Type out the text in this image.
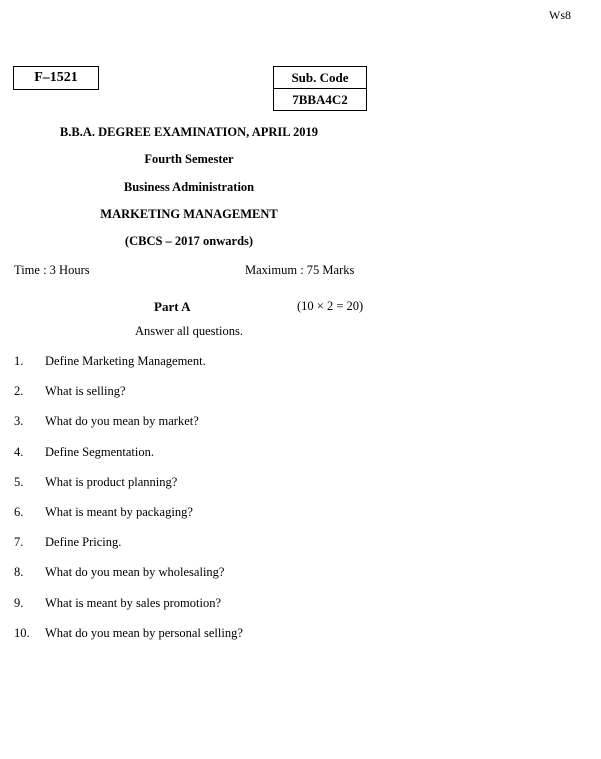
Ws8
F–1521	Sub. Code
7BBA4C2
B.B.A. DEGREE EXAMINATION, APRIL 2019
Fourth Semester
Business Administration
MARKETING MANAGEMENT
(CBCS – 2017 onwards)
Time : 3 Hours	Maximum : 75 Marks
Part A	(10 × 2 = 20)
Answer all questions.
1.	Define Marketing Management.
2.	What is selling?
3.	What do you mean by market?
4.	Define Segmentation.
5.	What is product planning?
6.	What is meant by packaging?
7.	Define Pricing.
8.	What do you mean by wholesaling?
9.	What is meant by sales promotion?
10.	What do you mean by personal selling?
